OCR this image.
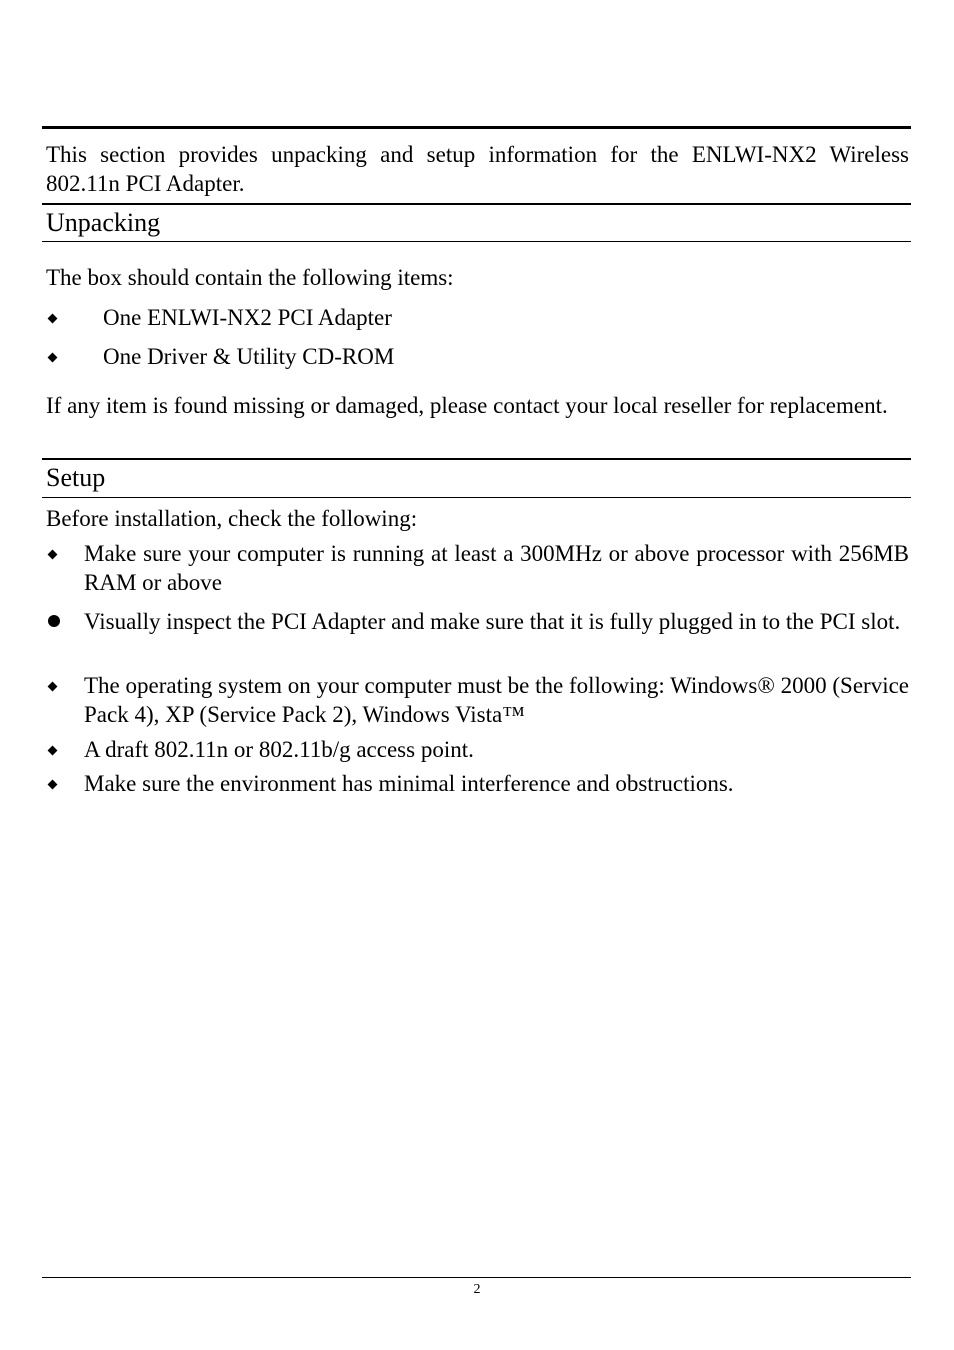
This section provides unpacking and setup information for the ENLWI-NX2 Wireless 802.11n PCI Adapter.

Unpacking

The box should contain the following items:

One ENLWI-NX2 PCI Adapter

One Driver & Utility CD-ROM

If any item is found missing or damaged, please contact your local reseller for replacement.

Setup

Before installation, check the following:

Make sure your computer is running at least a 300MHz or above processor with 256MB RAM or above

Visually inspect the PCI Adapter and make sure that it is fully plugged in to the PCI slot.

The operating system on your computer must be the following: Windows® 2000 (Service Pack 4), XP (Service Pack 2), Windows Vista™

A draft 802.11n or 802.11b/g access point.

Make sure the environment has minimal interference and obstructions.

2
